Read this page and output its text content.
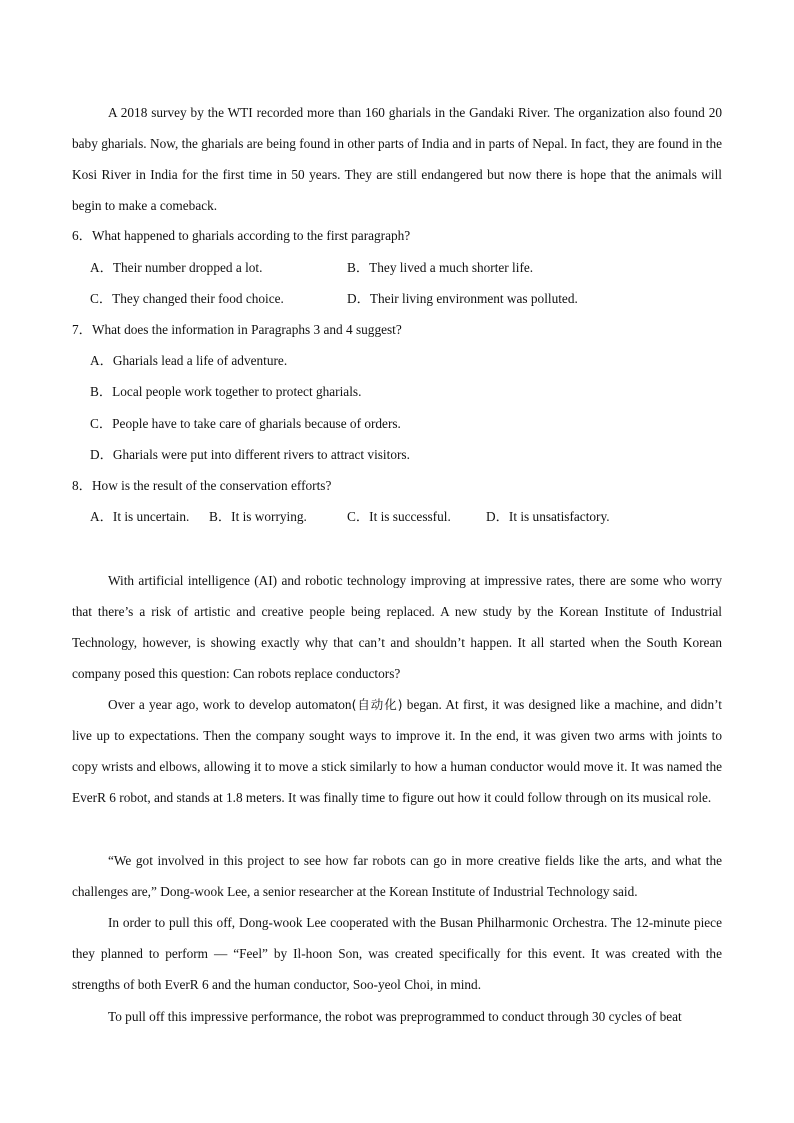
A 2018 survey by the WTI recorded more than 160 gharials in the Gandaki River. The organization also found 20 baby gharials. Now, the gharials are being found in other parts of India and in parts of Nepal. In fact, they are found in the Kosi River in India for the first time in 50 years. They are still endangered but now there is hope that the animals will begin to make a comeback.

6．What happened to gharials according to the first paragraph?

A．Their number dropped a lot.	B．They lived a much shorter life.

C．They changed their food choice.	D．Their living environment was polluted.

7．What does the information in Paragraphs 3 and 4 suggest?

A．Gharials lead a life of adventure.

B．Local people work together to protect gharials.

C．People have to take care of gharials because of orders.

D．Gharials were put into different rivers to attract visitors.

8．How is the result of the conservation efforts?

A．It is uncertain. B．It is worrying.	C．It is successful.	D．It is unsatisfactory.

With artificial intelligence (AI) and robotic technology improving at impressive rates, there are some who worry that there’s a risk of artistic and creative people being replaced. A new study by the Korean Institute of Industrial Technology, however, is showing exactly why that can’t and shouldn’t happen. It all started when the South Korean company posed this question: Can robots replace conductors?

Over a year ago, work to develop automaton(自动化) began. At first, it was designed like a machine, and didn’t live up to expectations. Then the company sought ways to improve it. In the end, it was given two arms with joints to copy wrists and elbows, allowing it to move a stick similarly to how a human conductor would move it. It was named the EverR 6 robot, and stands at 1.8 meters. It was finally time to figure out how it could follow through on its musical role.

“We got involved in this project to see how far robots can go in more creative fields like the arts, and what the challenges are,” Dong-wook Lee, a senior researcher at the Korean Institute of Industrial Technology said.

In order to pull this off, Dong-wook Lee cooperated with the Busan Philharmonic Orchestra. The 12-minute piece they planned to perform — “Feel” by Il-hoon Son, was created specifically for this event. It was created with the strengths of both EverR 6 and the human conductor, Soo-yeol Choi, in mind.

To pull off this impressive performance, the robot was preprogrammed to conduct through 30 cycles of beat
